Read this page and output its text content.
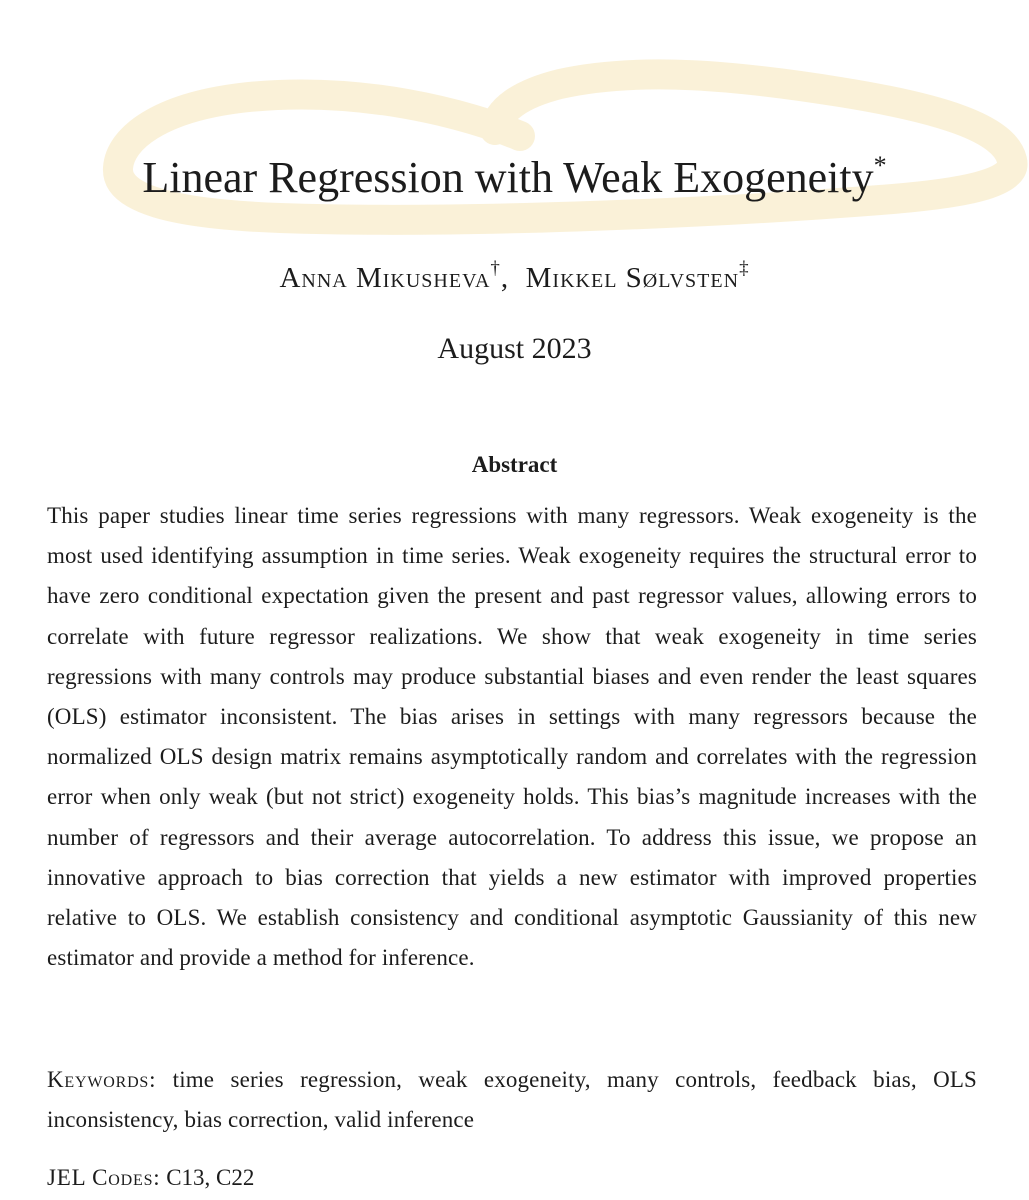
Linear Regression with Weak Exogeneity*
Anna Mikusheva†, Mikkel Sølvsten‡
August 2023
Abstract
This paper studies linear time series regressions with many regressors. Weak exogeneity is the most used identifying assumption in time series. Weak exogeneity requires the structural error to have zero conditional expectation given the present and past regressor values, allowing errors to correlate with future regressor realizations. We show that weak exogeneity in time series regressions with many controls may produce substantial biases and even render the least squares (OLS) estimator inconsistent. The bias arises in settings with many regressors because the normalized OLS design matrix remains asymptotically random and correlates with the regression error when only weak (but not strict) exogeneity holds. This bias’s magnitude increases with the number of regressors and their average autocorrelation. To address this issue, we propose an innovative approach to bias correction that yields a new estimator with improved properties relative to OLS. We establish consistency and conditional asymptotic Gaussianity of this new estimator and provide a method for inference.
Keywords: time series regression, weak exogeneity, many controls, feedback bias, OLS inconsistency, bias correction, valid inference
JEL Codes: C13, C22
